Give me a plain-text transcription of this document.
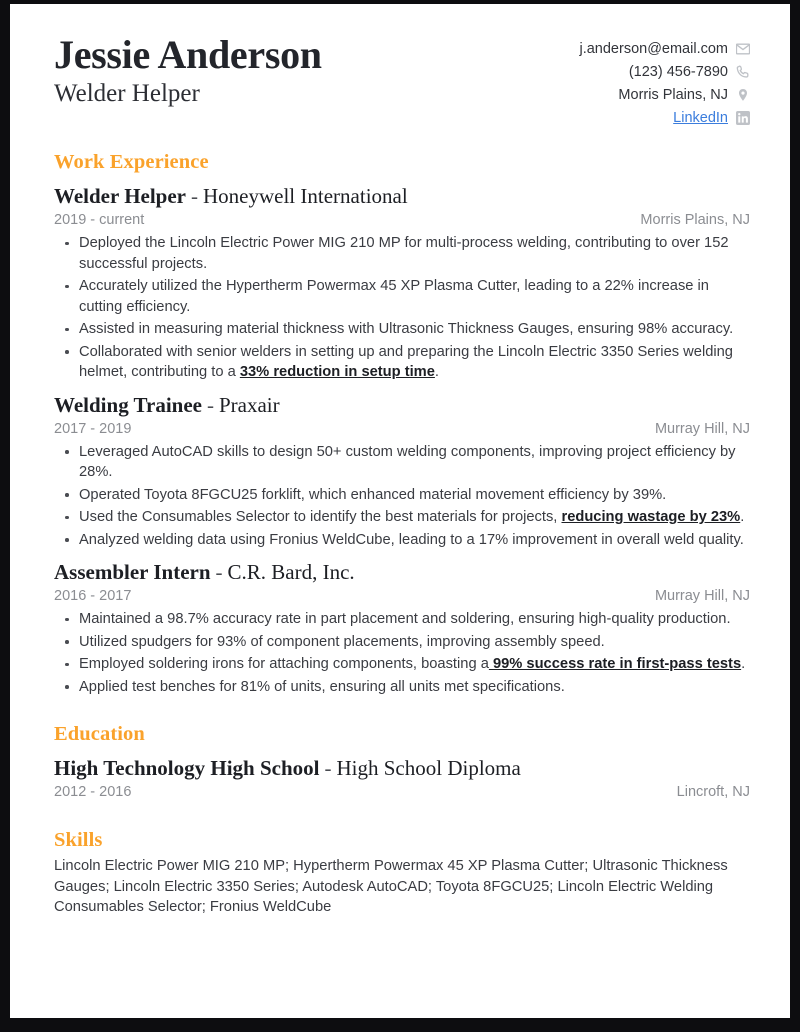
Jessie Anderson
Welder Helper
j.anderson@email.com
(123) 456-7890
Morris Plains, NJ
LinkedIn
Work Experience
Welder Helper - Honeywell International
2019 - current	Morris Plains, NJ
Deployed the Lincoln Electric Power MIG 210 MP for multi-process welding, contributing to over 152 successful projects.
Accurately utilized the Hypertherm Powermax 45 XP Plasma Cutter, leading to a 22% increase in cutting efficiency.
Assisted in measuring material thickness with Ultrasonic Thickness Gauges, ensuring 98% accuracy.
Collaborated with senior welders in setting up and preparing the Lincoln Electric 3350 Series welding helmet, contributing to a 33% reduction in setup time.
Welding Trainee - Praxair
2017 - 2019	Murray Hill, NJ
Leveraged AutoCAD skills to design 50+ custom welding components, improving project efficiency by 28%.
Operated Toyota 8FGCU25 forklift, which enhanced material movement efficiency by 39%.
Used the Consumables Selector to identify the best materials for projects, reducing wastage by 23%.
Analyzed welding data using Fronius WeldCube, leading to a 17% improvement in overall weld quality.
Assembler Intern - C.R. Bard, Inc.
2016 - 2017	Murray Hill, NJ
Maintained a 98.7% accuracy rate in part placement and soldering, ensuring high-quality production.
Utilized spudgers for 93% of component placements, improving assembly speed.
Employed soldering irons for attaching components, boasting a 99% success rate in first-pass tests.
Applied test benches for 81% of units, ensuring all units met specifications.
Education
High Technology High School - High School Diploma
2012 - 2016	Lincroft, NJ
Skills
Lincoln Electric Power MIG 210 MP; Hypertherm Powermax 45 XP Plasma Cutter; Ultrasonic Thickness Gauges; Lincoln Electric 3350 Series; Autodesk AutoCAD; Toyota 8FGCU25; Lincoln Electric Welding Consumables Selector; Fronius WeldCube
